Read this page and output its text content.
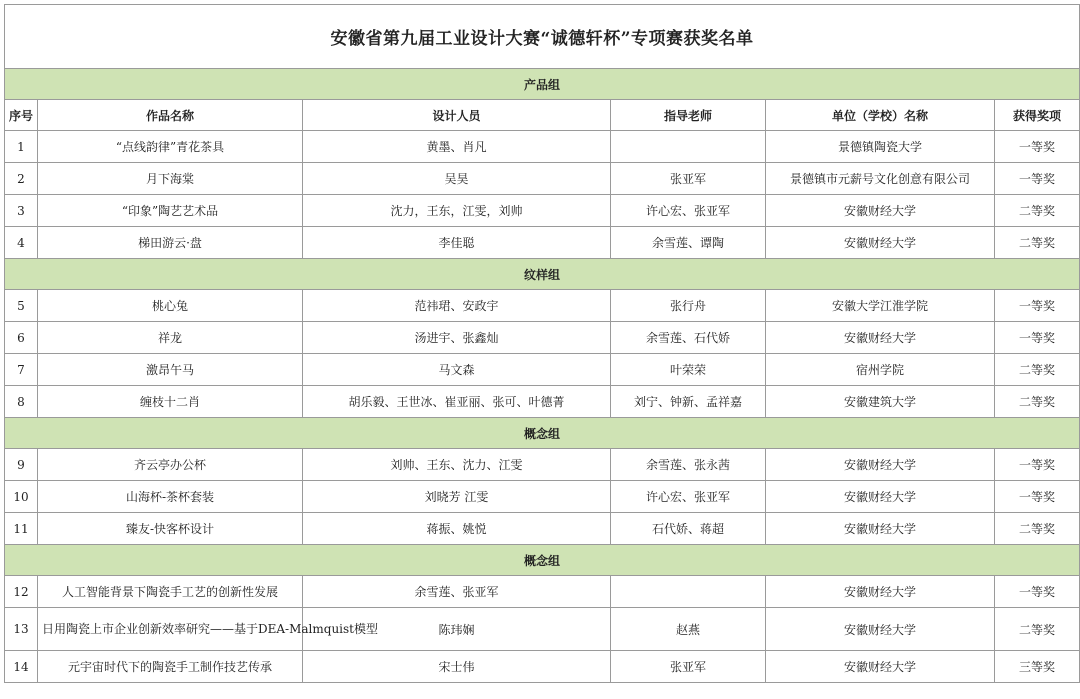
安徽省第九届工业设计大赛“诚德轩杯”专项赛获奖名单					
产品组					
序号	作品名称	设计人员	指导老师	单位（学校）名称	获得奖项
1	“点线韵律”青花茶具	黄墨、肖凡		景德镇陶瓷大学	一等奖
2	月下海棠	吴昊	张亚军	景德镇市元薪号文化创意有限公司	一等奖
3	“印象”陶艺艺术品	沈力，王东，江雯，刘帅	许心宏、张亚军	安徽财经大学	二等奖
4	梯田游云·盘	李佳聪	余雪莲、谭陶	安徽财经大学	二等奖
纹样组					
5	桃心兔	范祎珺、安政宇	张行舟	安徽大学江淮学院	一等奖
6	祥龙	汤进宇、张鑫灿	余雪莲、石代娇	安徽财经大学	一等奖
7	激昂午马	马文森	叶荣荣	宿州学院	二等奖
8	缠枝十二肖	胡乐毅、王世冰、崔亚丽、张可、叶德菁	刘宁、钟新、孟祥嘉	安徽建筑大学	二等奖
概念组					
9	齐云亭办公杯	刘帅、王东、沈力、江雯	余雪莲、张永茜	安徽财经大学	一等奖
10	山海杯-茶杯套装	刘晓芳 江雯	许心宏、张亚军	安徽财经大学	一等奖
11	臻友-快客杯设计	蒋振、姚悦	石代娇、蒋超	安徽财经大学	二等奖
概念组					
12	人工智能背景下陶瓷手工艺的创新性发展	余雪莲、张亚军		安徽财经大学	一等奖
13	日用陶瓷上市企业创新效率研究——基于DEA-Malmquist模型	陈玮娴	赵燕	安徽财经大学	二等奖
14	元宇宙时代下的陶瓷手工制作技艺传承	宋士伟	张亚军	安徽财经大学	三等奖
